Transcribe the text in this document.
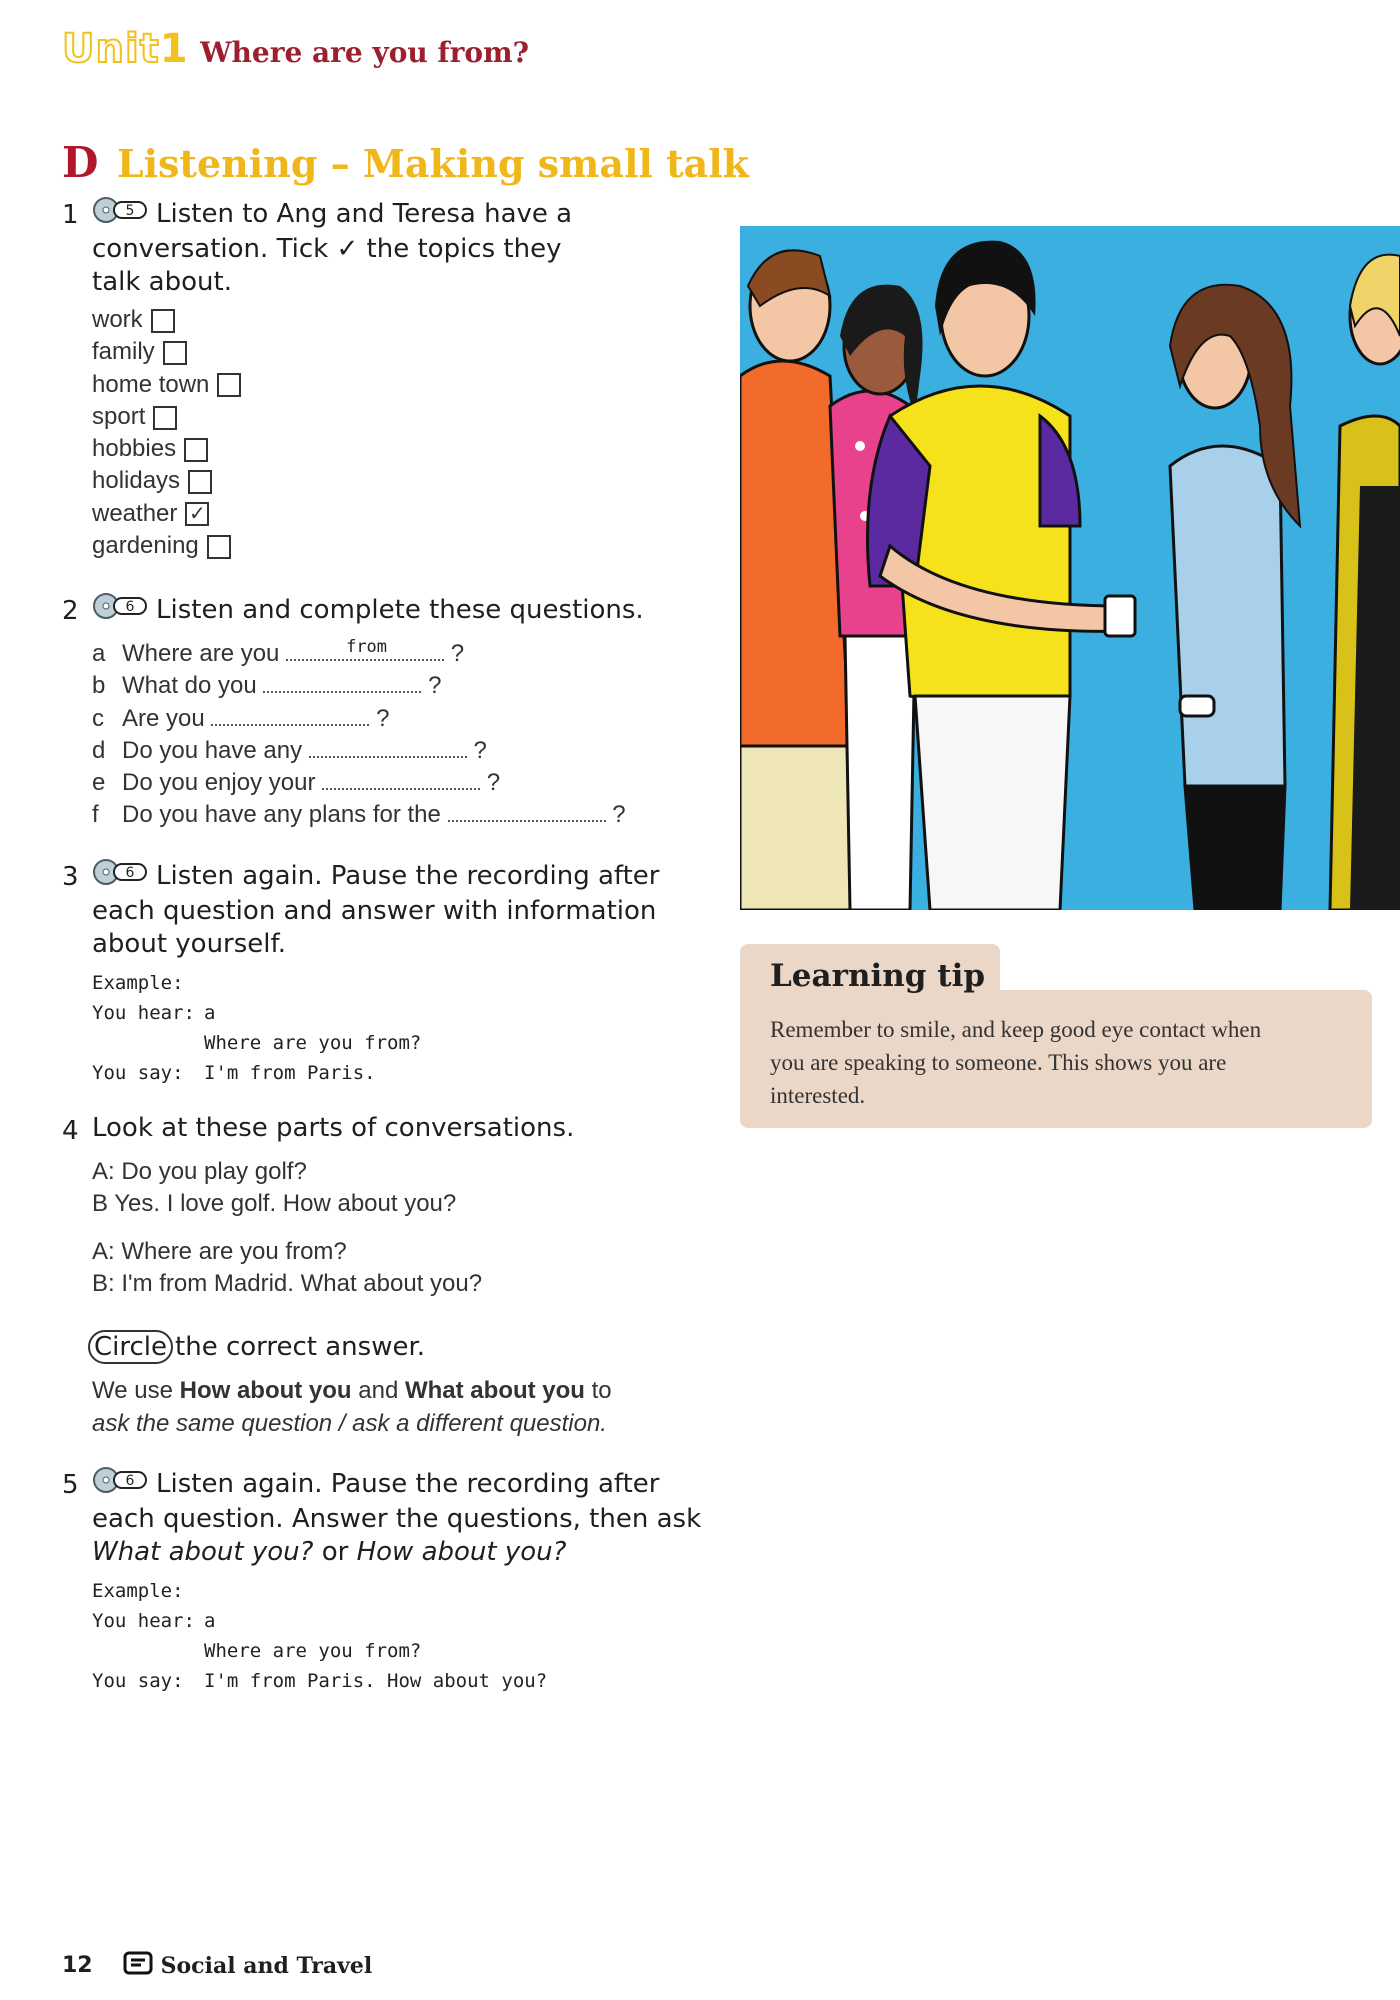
Unit1 Where are you from?
D Listening – Making small talk
1	5 Listen to Ang and Teresa have a
conversation. Tick ✓ the topics they
talk about.
work
family
home town
sport
hobbies
holidays
weather ✓
gardening
2	6 Listen and complete these questions.
a Where are you	from	?
b What do you	?
c Are you	?
d Do you have any	?
e Do you enjoy your	?
f Do you have any plans for the	?
3	6 Listen again. Pause the recording after
each question and answer with information
about yourself.
Example:
You hear: a
Where are you from?
You say: I'm from Paris.
4 Look at these parts of conversations.
A: Do you play golf?
B Yes. I love golf. How about you?
A: Where are you from?
B: I'm from Madrid. What about you?
Circle the correct answer.
We use How about you and What about you to
ask the same question / ask a different question.
5	6 Listen again. Pause the recording after
each question. Answer the questions, then ask
What about you? or How about you?
Example:
You hear: a
Where are you from?
You say: I'm from Paris. How about you?
Learning tip
Remember to smile, and keep good eye contact when
you are speaking to someone. This shows you are
interested.
12	Social and Travel
